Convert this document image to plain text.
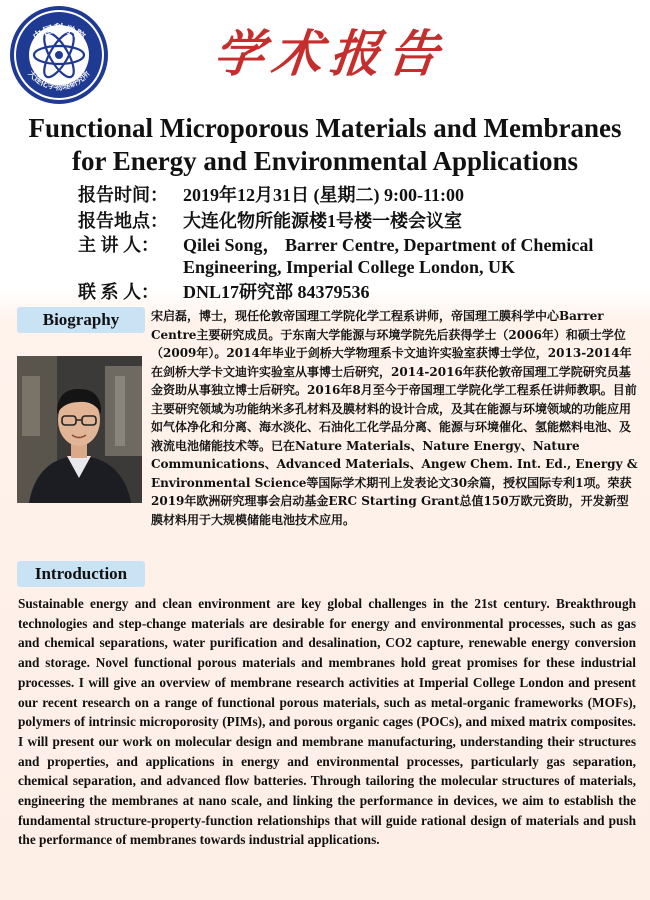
中国科学院
大连化学物理研究所	学术报告
Functional Microporous Materials and Membranes for Energy and Environmental Applications
报告时间： 2019年12月31日 (星期二) 9:00-11:00
报告地点： 大连化物所能源楼1号楼一楼会议室
主 讲 人： Qilei Song， Barrer Centre, Department of Chemical Engineering, Imperial College London, UK
联 系 人： DNL17研究部 84379536
Biography	宋启磊，博士，现任伦敦帝国理工学院化学工程系讲师，帝国理工膜科学中心Barrer Centre主要研究成员。于东南大学能源与环境学院先后获得学士（2006年）和硕士学位（2009年）。2014年毕业于剑桥大学物理系卡文迪许实验室获博士学位，2013-2014年在剑桥大学卡文迪许实验室从事博士后研究，2014-2016年获伦敦帝国理工学院研究员基金资助从事独立博士后研究。2016年8月至今于帝国理工学院化学工程系任讲师教职。目前主要研究领域为功能纳米多孔材料及膜材料的设计合成，及其在能源与环境领域的功能应用如气体净化和分离、海水淡化、石油化工化学品分离、能源与环境催化、氢能燃料电池、及液流电池储能技术等。已在Nature Materials、Nature Energy、Nature Communications、Advanced Materials、Angew Chem. Int. Ed., Energy & Environmental Science等国际学术期刊上发表论文30余篇，授权国际专利1项。荣获2019年欧洲研究理事会启动基金ERC Starting Grant总值150万欧元资助，开发新型膜材料用于大规模储能电池技术应用。
Introduction
Sustainable energy and clean environment are key global challenges in the 21st century. Breakthrough technologies and step-change materials are desirable for energy and environmental processes, such as gas and chemical separations, water purification and desalination, CO2 capture, renewable energy conversion and storage. Novel functional porous materials and membranes hold great promises for these industrial processes. I will give an overview of membrane research activities at Imperial College London and present our recent research on a range of functional porous materials, such as metal-organic frameworks (MOFs), polymers of intrinsic microporosity (PIMs), and porous organic cages (POCs), and mixed matrix composites. I will present our work on molecular design and membrane manufacturing, understanding their structures and properties, and applications in energy and environmental processes, particularly gas separation, chemical separation, and advanced flow batteries. Through tailoring the molecular structures of materials, engineering the membranes at nano scale, and linking the performance in devices, we aim to establish the fundamental structure-property-function relationships that will guide rational design of materials and push the performance of membranes towards industrial applications.
